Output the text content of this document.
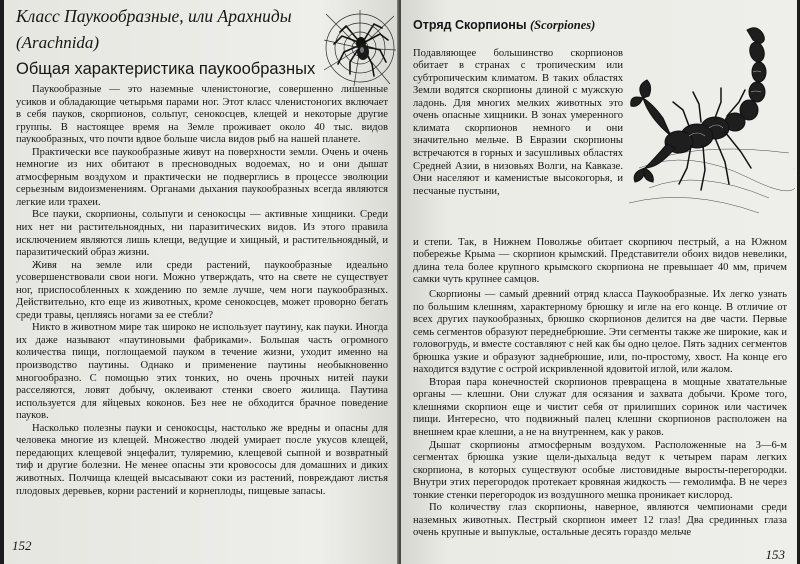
Класс Паукообразные, или Арахниды
(Arachnida)
Общая характеристика паукообразных

Паукообразные — это наземные членистоногие, совершенно лишенные усиков и обладающие четырьмя парами ног. Этот класс членистоногих включает в себя пауков, скорпионов, сольпуг, сенокосцев, клещей и некоторые другие группы. В настоящее время на Земле проживает около 40 тыс. видов паукообразных, что почти вдвое больше числа видов рыб на нашей планете.

Практически все паукообразные живут на поверхности земли. Очень и очень немногие из них обитают в пресноводных водоемах, но и они дышат атмосферным воздухом и практически не подверглись в процессе эволюции серьезным видоизменениям. Органами дыхания паукообразных всегда являются легкие или трахеи.

Все пауки, скорпионы, сольпуги и сенокосцы — активные хищники. Среди них нет ни растительноядных, ни паразитических видов. Из этого правила исключением являются лишь клещи, ведущие и хищный, и растительноядный, и паразитический образ жизни.

Живя на земле или среди растений, паукообразные идеально усовершенствовали свои ноги. Можно утверждать, что на свете не существует ног, приспособленных к хождению по земле лучше, чем ноги паукообразных. Действительно, кто еще из животных, кроме сенокосцев, может проворно бегать среди травы, цепляясь ногами за ее стебли?

Никто в животном мире так широко не использует паутину, как пауки. Иногда их даже называют «паутиновыми фабриками». Большая часть огромного количества пищи, поглощаемой пауком в течение жизни, уходит именно на производство паутины. Однако и применение паутины необыкновенно многообразно. С помощью этих тонких, но очень прочных нитей пауки расселяются, ловят добычу, оклеивают стенки своего жилища. Паутина используется для яйцевых коконов. Без нее не обходится брачное поведение пауков.

Насколько полезны пауки и сенокосцы, настолько же вредны и опасны для человека многие из клещей. Множество людей умирает после укусов клещей, передающих клещевой энцефалит, туляремию, клещевой сыпной и возвратный тиф и другие болезни. Не менее опасны эти кровососы для домашних и диких животных. Полчища клещей высасывают соки из растений, повреждают листья плодовых деревьев, корни растений и корнеплоды, пищевые запасы.

152
Отряд Скорпионы (Scorpiones)

Подавляющее большинство скорпионов обитает в странах с тропическим или субтропическим климатом. В таких областях Земли водятся скорпионы длиной с мужскую ладонь. Для многих мелких животных это очень опасные хищники. В зонах умеренного климата скорпионов немного и они значительно мельче. В Евразии скорпионы встречаются в горных и засушливых областях Средней Азии, в низовьях Волги, на Кавказе. Они населяют и каменистые высокогорья, и песчаные пустыни,

и степи. Так, в Нижнем Поволжье обитает скорпиюч пестрый, а на Южном побережье Крыма — скорпион крымский. Представители обоих видов невелики, длина тела более крупного крымского скорпиона не превышает 40 мм, причем самки чуть крупнее самцов.

Скорпионы — самый древний отряд класса Паукообразные. Их легко узнать по большим клешням, характерному брюшку и игле на его конце. В отличие от всех других паукообразных, брюшко скорпионов делится на две части. Первые семь сегментов образуют переднебрюшие. Эти сегменты также же широкие, как и головогрудь, и вместе составляют с ней как бы одно целое. Пять задних сегментов брюшка узкие и образуют заднебрюшие, или, по-простому, хвост. На конце его находится вздутие с острой искривленной ядовитой иглой, или жалом.

Вторая пара конечностей скорпионов превращена в мощные хватательные органы — клешни. Они служат для осязания и захвата добычи. Кроме того, клешнями скорпион еще и чистит себя от прилипших соринок или частичек пищи. Интересно, что подвижный палец клешни скорпионов расположен на внешнем крае клешни, а не на внутреннем, как у раков.

Дышат скорпионы атмосферным воздухом. Расположенные на 3—6-м сегментах брюшка узкие щели-дыхальца ведут к четырем парам легких скорпиона, в которых существуют особые листовидные выросты-перегородки. Внутри этих перегородок протекает кровяная жидкость — гемолимфа. В не через тонкие стенки перегородок из воздушного мешка проникает кислород.

По количеству глаз скорпионы, наверное, являются чемпионами среди наземных животных. Пестрый скорпион имеет 12 глаз! Два срединных глаза очень крупные и выпуклые, остальные десять гораздо мельче

153
